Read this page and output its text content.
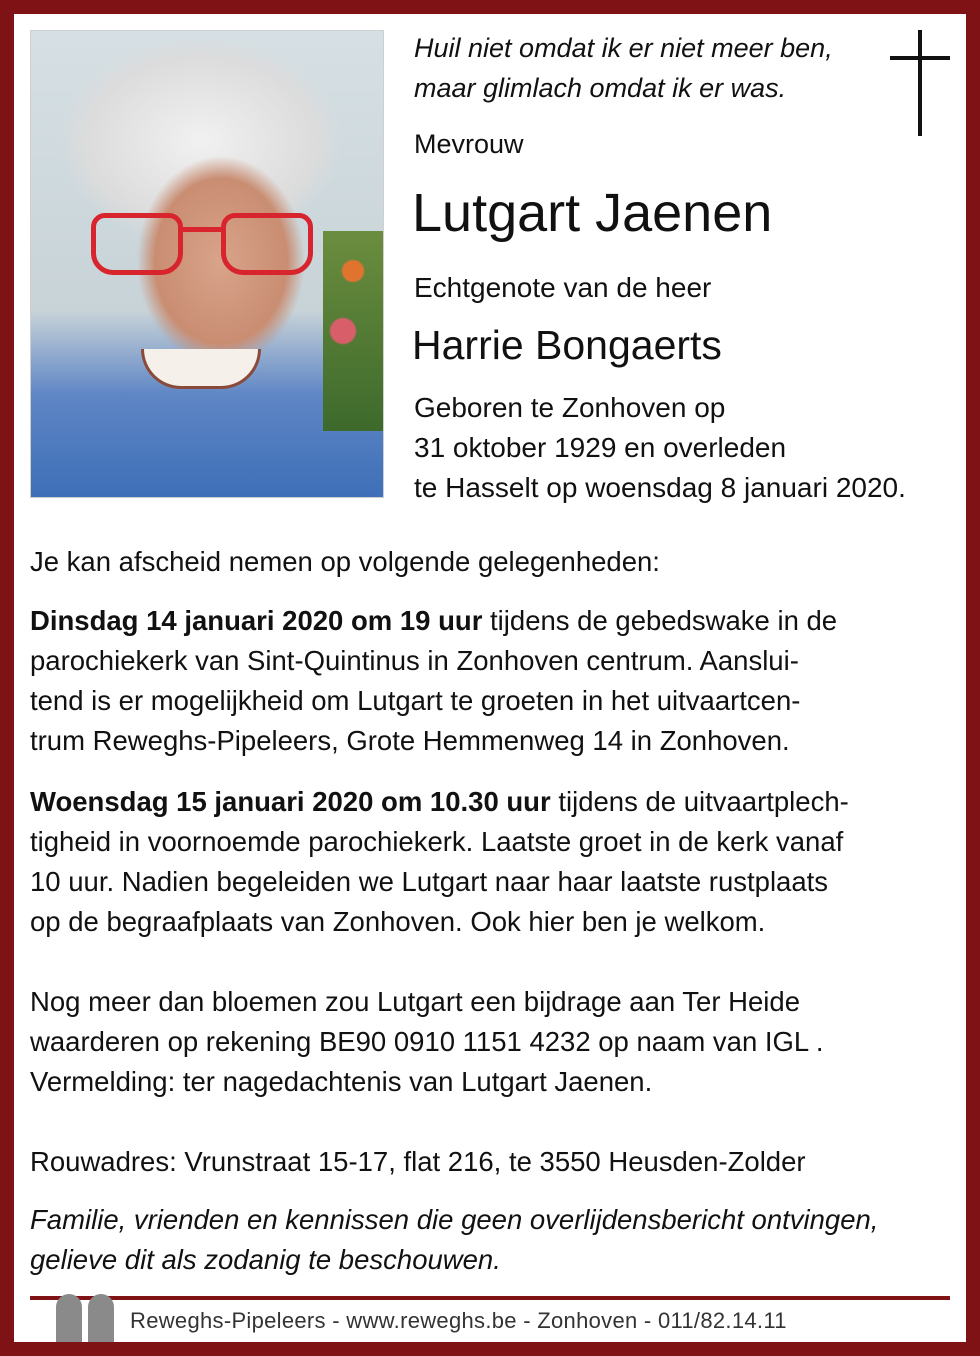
Huil niet omdat ik er niet meer ben,
maar glimlach omdat ik er was.
Mevrouw
Lutgart Jaenen
Echtgenote van de heer
Harrie Bongaerts
Geboren te Zonhoven op
31 oktober 1929 en overleden
te Hasselt op woensdag 8 januari 2020.
Je kan afscheid nemen op volgende gelegenheden:
Dinsdag 14 januari 2020 om 19 uur tijdens de gebedswake in de
parochiekerk van Sint-Quintinus in Zonhoven centrum. Aanslui-
tend is er mogelijkheid om Lutgart te groeten in het uitvaartcen-
trum Reweghs-Pipeleers, Grote Hemmenweg 14 in Zonhoven.
Woensdag 15 januari 2020 om 10.30 uur tijdens de uitvaartplech-
tigheid in voornoemde parochiekerk. Laatste groet in de kerk vanaf
10 uur. Nadien begeleiden we Lutgart naar haar laatste rustplaats
op de begraafplaats van Zonhoven. Ook hier ben je welkom.
Nog meer dan bloemen zou Lutgart een bijdrage aan Ter Heide
waarderen op rekening BE90 0910 1151 4232 op naam van IGL .
Vermelding: ter nagedachtenis van Lutgart Jaenen.
Rouwadres: Vrunstraat 15-17, flat 216, te 3550 Heusden-Zolder
Familie, vrienden en kennissen die geen overlijdensbericht ontvingen,
gelieve dit als zodanig te beschouwen.
Reweghs-Pipeleers - www.reweghs.be - Zonhoven - 011/82.14.11
